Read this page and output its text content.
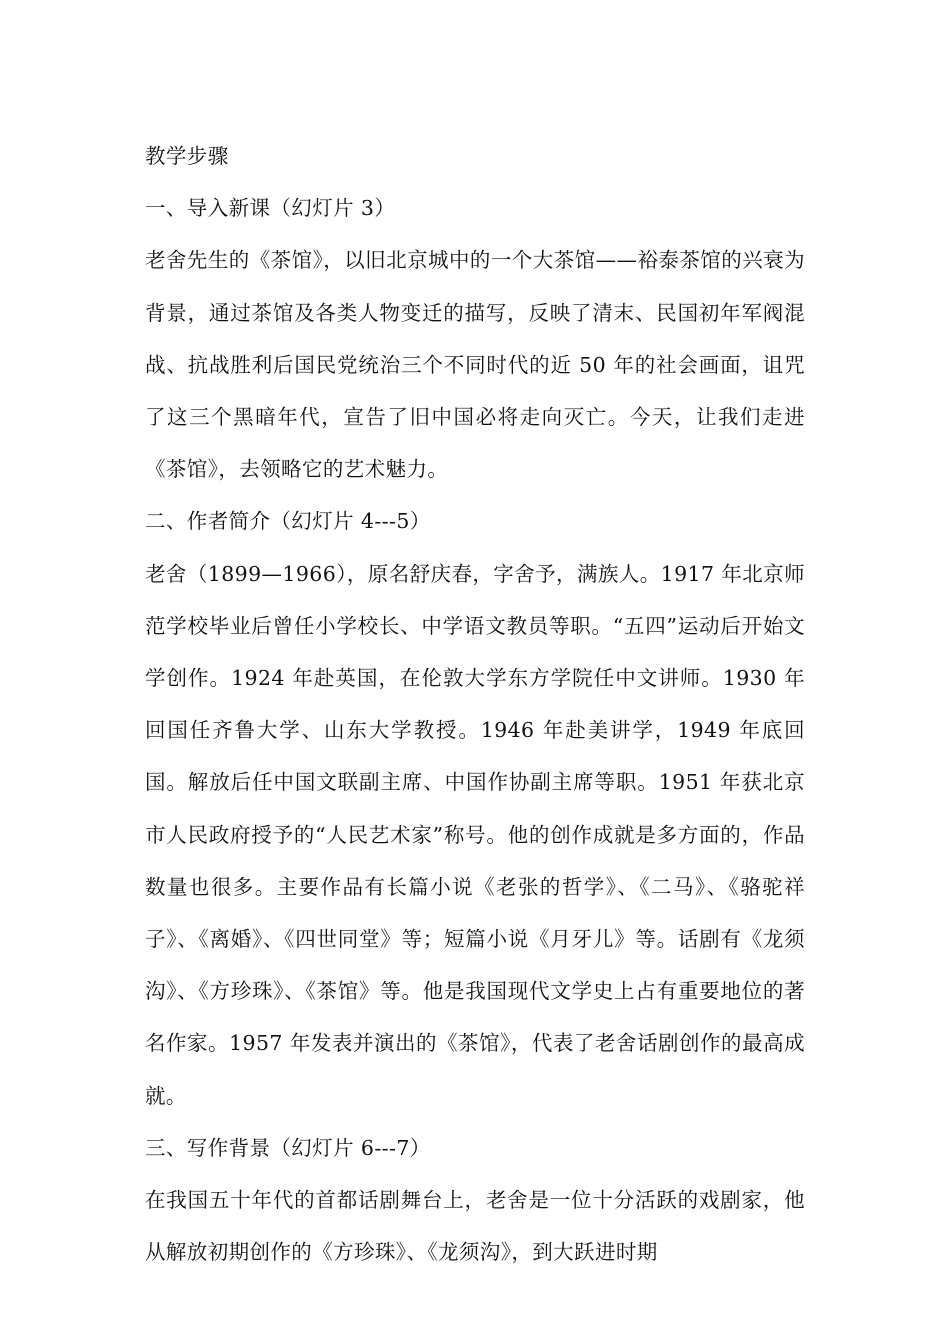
教学步骤

一、导入新课（幻灯片 3）

老舍先生的《茶馆》，以旧北京城中的一个大茶馆——裕泰茶馆的兴衰为背景，通过茶馆及各类人物变迁的描写，反映了清末、民国初年军阀混战、抗战胜利后国民党统治三个不同时代的近 50 年的社会画面，诅咒了这三个黑暗年代，宣告了旧中国必将走向灭亡。今天，让我们走进《茶馆》，去领略它的艺术魅力。

二、作者简介（幻灯片 4---5）

老舍（1899—1966），原名舒庆春，字舍予，满族人。1917 年北京师范学校毕业后曾任小学校长、中学语文教员等职。“五四”运动后开始文学创作。1924 年赴英国，在伦敦大学东方学院任中文讲师。1930 年回国任齐鲁大学、山东大学教授。1946 年赴美讲学，1949 年底回国。解放后任中国文联副主席、中国作协副主席等职。1951 年获北京市人民政府授予的“人民艺术家”称号。他的创作成就是多方面的，作品数量也很多。主要作品有长篇小说《老张的哲学》、《二马》、《骆驼祥子》、《离婚》、《四世同堂》等；短篇小说《月牙儿》等。话剧有《龙须沟》、《方珍珠》、《茶馆》等。他是我国现代文学史上占有重要地位的著名作家。1957 年发表并演出的《茶馆》，代表了老舍话剧创作的最高成就。

三、写作背景（幻灯片 6---7）

在我国五十年代的首都话剧舞台上，老舍是一位十分活跃的戏剧家，他从解放初期创作的《方珍珠》、《龙须沟》，到大跃进时期
